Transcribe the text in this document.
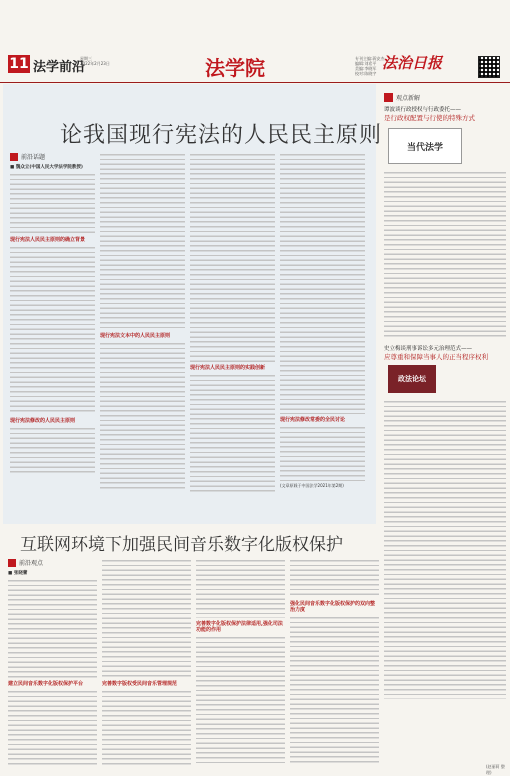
11 法学前沿
星期三
2022年2月23日	法学院	专刊主编:蒋安杰
编辑:刘希平
美编:李晓军
校对:陈晓宇
法治日报
论我国现行宪法的人民民主原则
前沿话题
■ 魏众立(中国人民大学法学院教授)
现行宪法人民民主原则的确立背景
现行宪法修改的人民民主原则
现行宪法文本中的人民民主原则
现行宪法人民民主原则的实践创新
现行宪法修改常委的全民讨论
(文章原载于中国法学2021年第2期)
观点新解
谭波谈行政授权与行政委托——
是行政权配置与行使的特殊方式
当代法学
史立梅谈刑事诉讼多元治理范式——
应尊重和保障当事人的正当程序权利
政法论坛
(赵丽莉 整理)
互联网环境下加强民间音乐数字化版权保护
前沿观点
■ 张晓蕾
建立民间音乐数字化版权保护平台	完善数字版权受民间音乐管理规范
完善数字化版权保护法律适用,强化司法功能的作用
强化民间音乐数字化版权保护的双向整治力度
